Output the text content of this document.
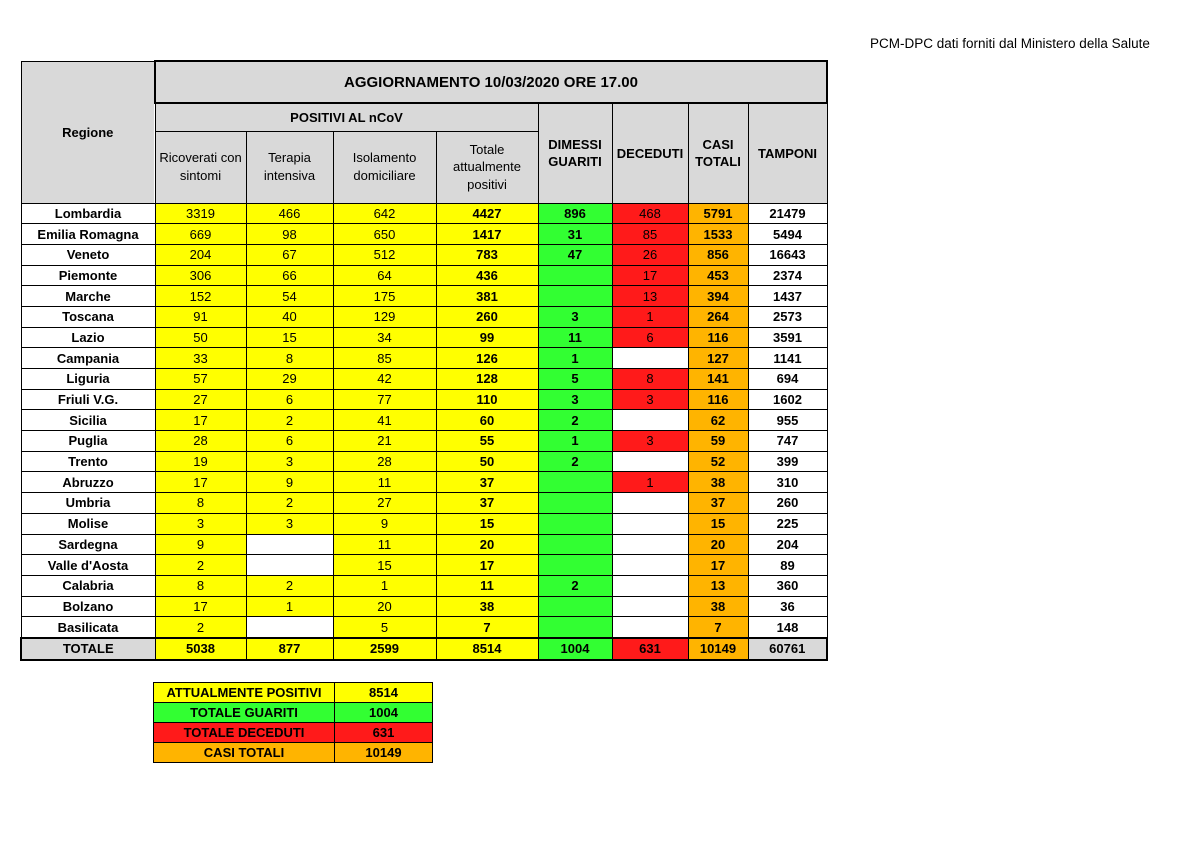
PCM-DPC dati forniti dal Ministero della Salute
Regione	AGGIORNAMENTO 10/03/2020 ORE 17.00							
	POSITIVI AL nCoV				DIMESSI GUARITI	DECEDUTI	CASI TOTALI	TAMPONI
	Ricoverati con sintomi	Terapia intensiva	Isolamento domiciliare	Totale attualmente positivi				
Lombardia	3319	466	642	4427	896	468	5791	21479
Emilia Romagna	669	98	650	1417	31	85	1533	5494
Veneto	204	67	512	783	47	26	856	16643
Piemonte	306	66	64	436		17	453	2374
Marche	152	54	175	381		13	394	1437
Toscana	91	40	129	260	3	1	264	2573
Lazio	50	15	34	99	11	6	116	3591
Campania	33	8	85	126	1		127	1141
Liguria	57	29	42	128	5	8	141	694
Friuli V.G.	27	6	77	110	3	3	116	1602
Sicilia	17	2	41	60	2		62	955
Puglia	28	6	21	55	1	3	59	747
Trento	19	3	28	50	2		52	399
Abruzzo	17	9	11	37		1	38	310
Umbria	8	2	27	37			37	260
Molise	3	3	9	15			15	225
Sardegna	9		11	20			20	204
Valle d'Aosta	2		15	17			17	89
Calabria	8	2	1	11	2		13	360
Bolzano	17	1	20	38			38	36
Basilicata	2		5	7			7	148
TOTALE	5038	877	2599	8514	1004	631	10149	60761
ATTUALMENTE POSITIVI	8514
TOTALE GUARITI	1004
TOTALE DECEDUTI	631
CASI TOTALI	10149
